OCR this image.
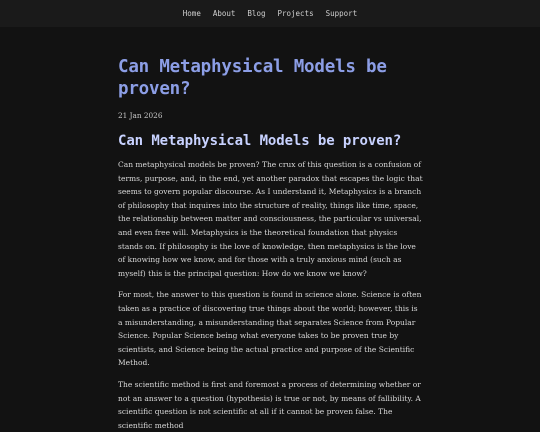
Home About Blog Projects Support
Can Metaphysical Models be proven?
21 Jan 2026
Can Metaphysical Models be proven?

Can metaphysical models be proven? The crux of this question is a confusion of terms, purpose, and, in the end, yet another paradox that escapes the logic that seems to govern popular discourse. As I understand it, Metaphysics is a branch of philosophy that inquires into the structure of reality, things like time, space, the relationship between matter and consciousness, the particular vs universal, and even free will. Metaphysics is the theoretical foundation that physics stands on. If philosophy is the love of knowledge, then metaphysics is the love of knowing how we know, and for those with a truly anxious mind (such as myself) this is the principal question: How do we know we know?

For most, the answer to this question is found in science alone. Science is often taken as a practice of discovering true things about the world; however, this is a misunderstanding, a misunderstanding that separates Science from Popular Science. Popular Science being what everyone takes to be proven true by scientists, and Science being the actual practice and purpose of the Scientific Method.

The scientific method is first and foremost a process of determining whether or not an answer to a question (hypothesis) is true or not, by means of fallibility. A scientific question is not scientific at all if it cannot be proven false. The scientific method
